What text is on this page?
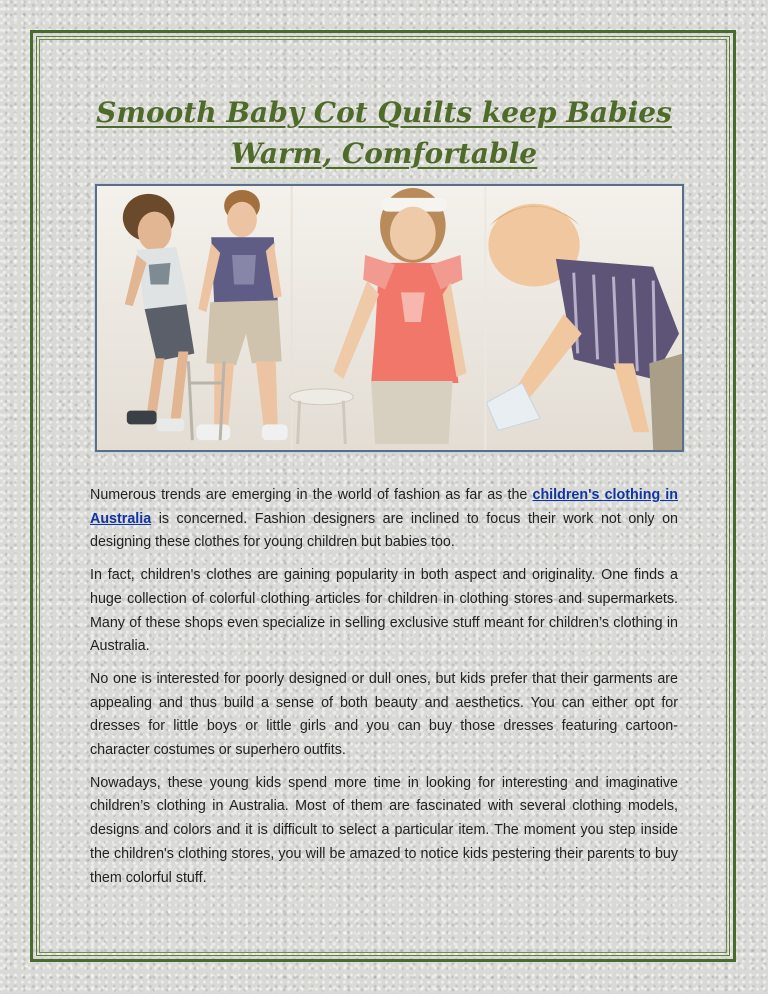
Smooth Baby Cot Quilts keep Babies Warm, Comfortable

Numerous trends are emerging in the world of fashion as far as the children's clothing in Australia is concerned. Fashion designers are inclined to focus their work not only on designing these clothes for young children but babies too.

In fact, children's clothes are gaining popularity in both aspect and originality. One finds a huge collection of colorful clothing articles for children in clothing stores and supermarkets. Many of these shops even specialize in selling exclusive stuff meant for children’s clothing in Australia.

No one is interested for poorly designed or dull ones, but kids prefer that their garments are appealing and thus build a sense of both beauty and aesthetics. You can either opt for dresses for little boys or little girls and you can buy those dresses featuring cartoon-character costumes or superhero outfits.

Nowadays, these young kids spend more time in looking for interesting and imaginative children’s clothing in Australia. Most of them are fascinated with several clothing models, designs and colors and it is difficult to select a particular item. The moment you step inside the children's clothing stores, you will be amazed to notice kids pestering their parents to buy them colorful stuff.
